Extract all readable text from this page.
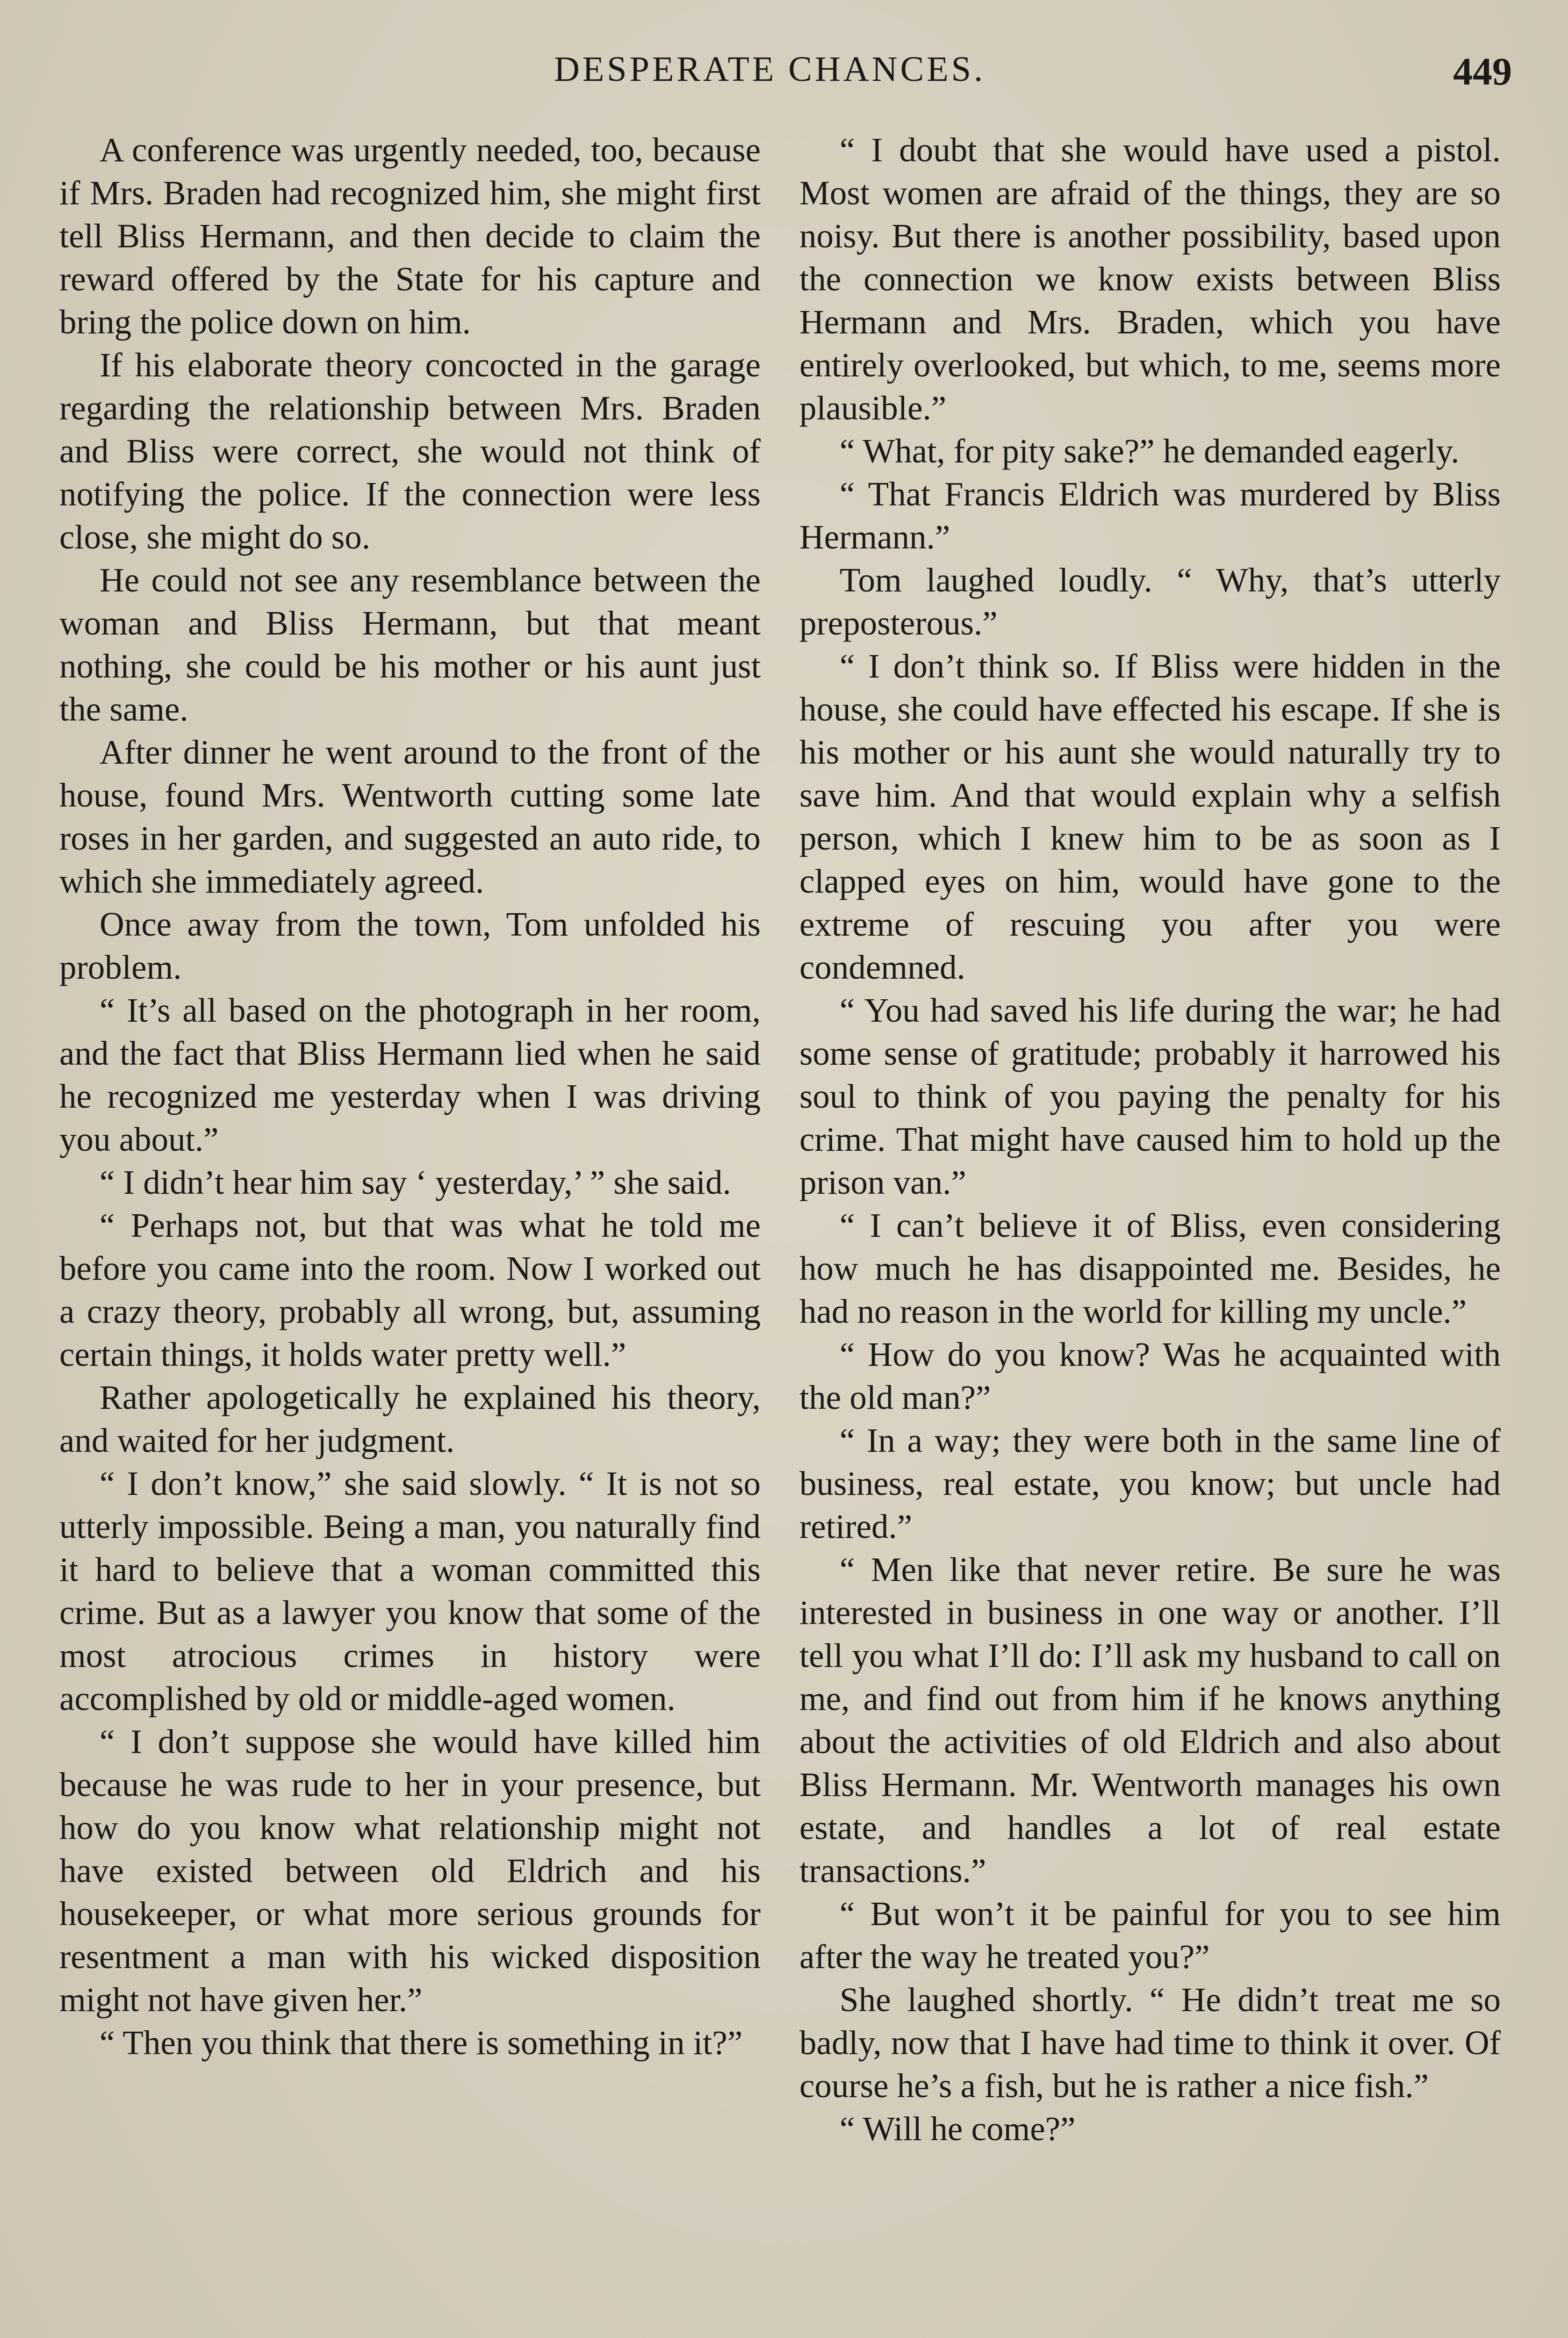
DESPERATE CHANCES.	449

A conference was urgently needed, too, because if Mrs. Braden had recognized him, she might first tell Bliss Hermann, and then decide to claim the reward offered by the State for his capture and bring the police down on him.

If his elaborate theory concocted in the garage regarding the relationship between Mrs. Braden and Bliss were correct, she would not think of notifying the police. If the connection were less close, she might do so.

He could not see any resemblance between the woman and Bliss Hermann, but that meant nothing, she could be his mother or his aunt just the same.

After dinner he went around to the front of the house, found Mrs. Wentworth cutting some late roses in her garden, and suggested an auto ride, to which she immediately agreed.

Once away from the town, Tom unfolded his problem.

“ It’s all based on the photograph in her room, and the fact that Bliss Hermann lied when he said he recognized me yesterday when I was driving you about.”

“ I didn’t hear him say ‘ yesterday,’ ” she said.

“ Perhaps not, but that was what he told me before you came into the room. Now I worked out a crazy theory, probably all wrong, but, assuming certain things, it holds water pretty well.”

Rather apologetically he explained his theory, and waited for her judgment.

“ I don’t know,” she said slowly. “ It is not so utterly impossible. Being a man, you naturally find it hard to believe that a woman committed this crime. But as a lawyer you know that some of the most atrocious crimes in history were accomplished by old or middle-aged women.

“ I don’t suppose she would have killed him because he was rude to her in your presence, but how do you know what relationship might not have existed between old Eldrich and his housekeeper, or what more serious grounds for resentment a man with his wicked disposition might not have given her.”

“ Then you think that there is something in it?”

“ I doubt that she would have used a pistol. Most women are afraid of the things, they are so noisy. But there is another possibility, based upon the connection we know exists between Bliss Hermann and Mrs. Braden, which you have entirely overlooked, but which, to me, seems more plausible.”

“ What, for pity sake?” he demanded eagerly.

“ That Francis Eldrich was murdered by Bliss Hermann.”

Tom laughed loudly. “ Why, that’s utterly preposterous.”

“ I don’t think so. If Bliss were hidden in the house, she could have effected his escape. If she is his mother or his aunt she would naturally try to save him. And that would explain why a selfish person, which I knew him to be as soon as I clapped eyes on him, would have gone to the extreme of rescuing you after you were condemned.

“ You had saved his life during the war; he had some sense of gratitude; probably it harrowed his soul to think of you paying the penalty for his crime. That might have caused him to hold up the prison van.”

“ I can’t believe it of Bliss, even considering how much he has disappointed me. Besides, he had no reason in the world for killing my uncle.”

“ How do you know? Was he acquainted with the old man?”

“ In a way; they were both in the same line of business, real estate, you know; but uncle had retired.”

“ Men like that never retire. Be sure he was interested in business in one way or another. I’ll tell you what I’ll do: I’ll ask my husband to call on me, and find out from him if he knows anything about the activities of old Eldrich and also about Bliss Hermann. Mr. Wentworth manages his own estate, and handles a lot of real estate transactions.”

“ But won’t it be painful for you to see him after the way he treated you?”

She laughed shortly. “ He didn’t treat me so badly, now that I have had time to think it over. Of course he’s a fish, but he is rather a nice fish.”

“ Will he come?”
